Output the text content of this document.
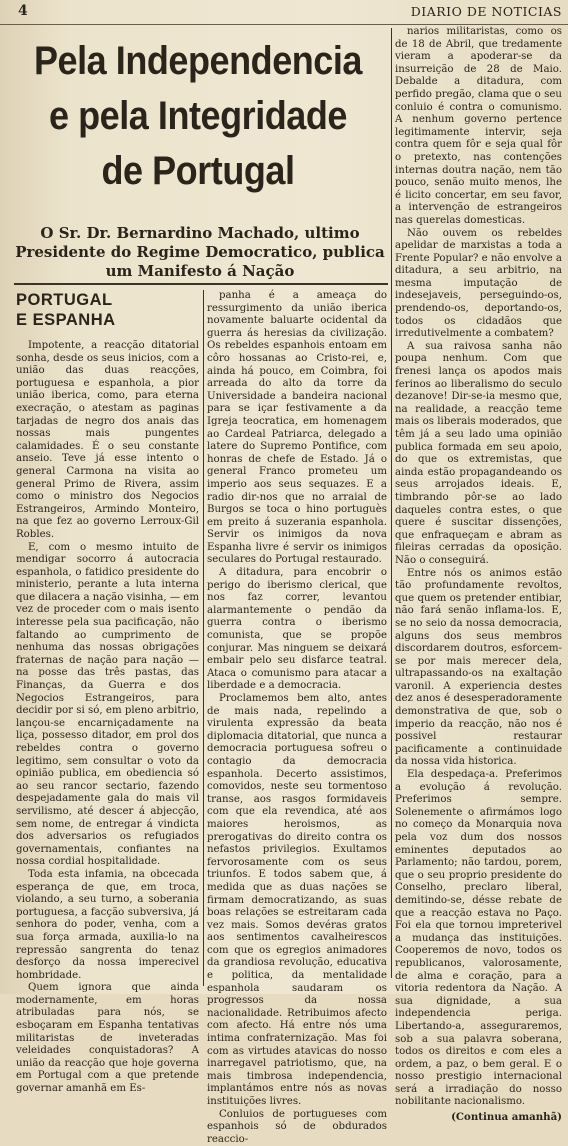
4	DIARIO DE NOTICIAS
Pela Independencia
e pela Integridade
de Portugal
O Sr. Dr. Bernardino Machado, ultimo Presidente do Regime Democratico, publica um Manifesto á Nação
PORTUGAL
E ESPANHA

Impotente, a reacção ditatorial sonha, desde os seus inicios, com a união das duas reacções, portuguesa e espanhola, a pior união iberica, como, para eterna execração, o atestam as paginas tarjadas de negro dos anais das nossas mais pungentes calamidades. É o seu constante anseio. Teve já esse intento o general Carmona na visita ao general Primo de Rivera, assim como o ministro dos Negocios Estrangeiros, Armindo Monteiro, na que fez ao governo Lerroux-Gil Robles.

E, com o mesmo intuito de mendigar socorro á autocracia espanhola, o fatidico presidente do ministerio, perante a luta interna que dilacera a nação visinha, — em vez de proceder com o mais isento interesse pela sua pacificação, não faltando ao cumprimento de nenhuma das nossas obrigações fraternas de nação para nação — na posse das três pastas, das Finanças, da Guerra e dos Negocios Estrangeiros, para decidir por si só, em pleno arbitrio, lançou-se encarniçadamente na liça, possesso ditador, em prol dos rebeldes contra o governo legitimo, sem consultar o voto da opinião publica, em obediencia só ao seu rancor sectario, fazendo despejadamente gala do mais vil servilismo, até descer á abjecção, sem nome, de entregar á vindicta dos adversarios os refugiados governamentais, confiantes na nossa cordial hospitalidade.

Toda esta infamia, na obcecada esperança de que, em troca, violando, a seu turno, a soberania portuguesa, a facção subversiva, já senhora do poder, venha, com a sua força armada, auxilia-lo na repressão sangrenta do tenaz desforço da nossa imperecivel hombridade.

Quem ignora que ainda modernamente, em horas atribuladas para nós, se esboçaram em Espanha tentativas militaristas de inveteradas veleidades conquistadoras? A união da reacção que hoje governa em Portugal com a que pretende governar amanhã em Es-

panha é a ameaça do ressurgimento da união iberica novamente baluarte ocidental da guerra ás heresias da civilização. Os rebeldes espanhois entoam em côro hossanas ao Cristo-rei, e, ainda há pouco, em Coimbra, foi arreada do alto da torre da Universidade a bandeira nacional para se içar festivamente a da Igreja teocratica, em homenagem ao Cardeal Patriarca, delegado a latere do Supremo Pontifice, com honras de chefe de Estado. Já o general Franco prometeu um imperio aos seus sequazes. E a radio dir-nos que no arraial de Burgos se toca o hino portuguès em preito á suzerania espanhola. Servir os inimigos da nova Espanha livre é servir os inimigos seculares do Portugal restaurado.

A ditadura, para encobrir o perigo do iberismo clerical, que nos faz correr, levantou alarmantemente o pendão da guerra contra o iberismo comunista, que se propõe conjurar. Mas ninguem se deixará embair pelo seu disfarce teatral. Ataca o comunismo para atacar a liberdade e a democracia.

Proclamemos bem alto, antes de mais nada, repelindo a virulenta expressão da beata diplomacia ditatorial, que nunca a democracia portuguesa sofreu o contagio da democracia espanhola. Decerto assistimos, comovidos, neste seu tormentoso transe, aos rasgos formidaveis com que ela revendica, até aos maiores heroismos, as prerogativas do direito contra os nefastos privilegios. Exultamos fervorosamente com os seus triunfos. E todos sabem que, á medida que as duas nações se firmam democratizando, as suas boas relações se estreitaram cada vez mais. Somos devéras gratos aos sentimentos cavalheirescos com que os egregios animadores da grandiosa revolução, educativa e politica, da mentalidade espanhola saudaram os progressos da nossa nacionalidade. Retribuimos afecto com afecto. Há entre nós uma intima confraternização. Mas foi com as virtudes atavicas do nosso inarregavel patriotismo, que, na mais timbrosa independencia, implantámos entre nós as novas instituições livres.

Conluios de portugueses com espanhois só de obdurados reaccio-

narios militaristas, como os de 18 de Abril, que tredamente vieram a apoderar-se da insurreição de 28 de Maio. Debalde a ditadura, com perfido pregão, clama que o seu conluio é contra o comunismo. A nenhum governo pertence legitimamente intervir, seja contra quem fôr e seja qual fôr o pretexto, nas contenções internas doutra nação, nem tão pouco, senão muito menos, lhe é licito concertar, em seu favor, a intervenção de estrangeiros nas querelas domesticas.

Não ouvem os rebeldes apelidar de marxistas a toda a Frente Popular? e não envolve a ditadura, a seu arbitrio, na mesma imputação de indesejaveis, perseguindo-os, prendendo-os, deportando-os, todos os cidadãos que irredutivelmente a combatem?

A sua raivosa sanha não poupa nenhum. Com que frenesi lança os apodos mais ferinos ao liberalismo do seculo dezanove! Dir-se-ia mesmo que, na realidade, a reacção teme mais os liberais moderados, que têm já a seu lado uma opinião publica formada em seu apoio, do que os extremistas, que ainda estão propagandeando os seus arrojados ideais. E, timbrando pôr-se ao lado daqueles contra estes, o que quere é suscitar dissenções, que enfraqueçam e abram as fileiras cerradas da oposição. Não o conseguirá.

Entre nós os animos estão tão profundamente revoltos, que quem os pretender entibiar, não fará senão inflama-los. E, se no seio da nossa democracia, alguns dos seus membros discordarem doutros, esforcem-se por mais merecer dela, ultrapassando-os na exaltação varonil. A experiencia destes dez anos é desesperadoramente demonstrativa de que, sob o imperio da reacção, não nos é possivel restaurar pacificamente a continuidade da nossa vida historica.

Ela despedaça-a. Preferimos a evolução á revolução. Preferimos sempre. Solenemente o afirmámos logo no começo da Monarquia nova pela voz dum dos nossos eminentes deputados ao Parlamento; não tardou, porem, que o seu proprio presidente do Conselho, preclaro liberal, demitindo-se, désse rebate de que a reacção estava no Paço. Foi ela que tornou impreterivel a mudança das instituições. Cooperemos de novo, todos os republicanos, valorosamente, de alma e coração, para a vitoria redentora da Nação. A sua dignidade, a sua independencia periga. Libertando-a, asseguraremos, sob a sua palavra soberana, todos os direitos e com eles a ordem, a paz, o bem geral. E o nosso prestigio internacional será a irradiação do nosso nobilitante nacionalismo.

(Continua amanhã)
